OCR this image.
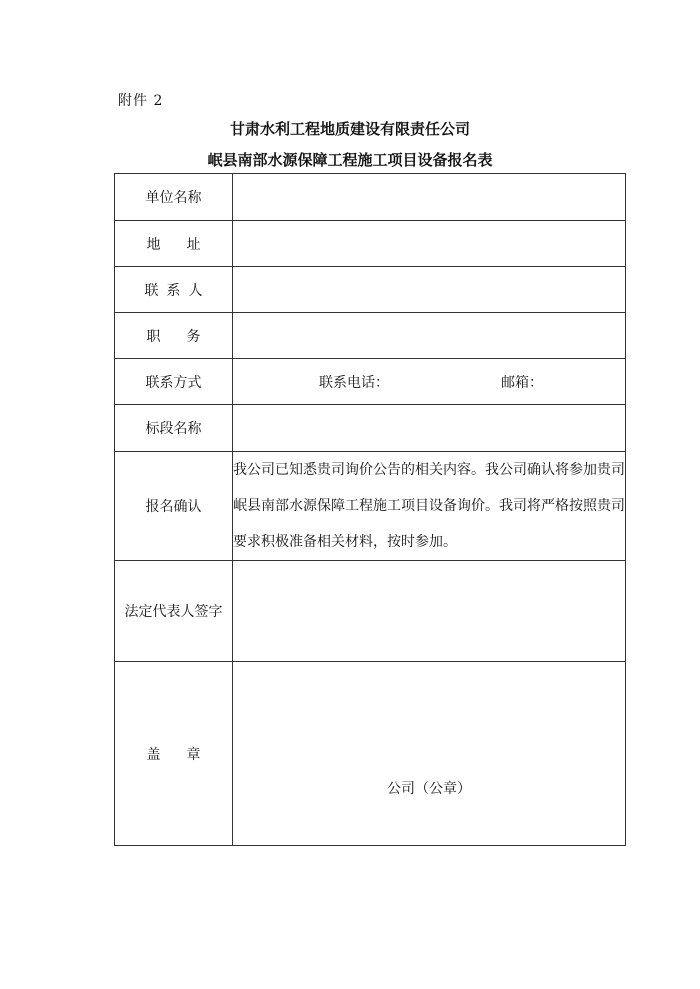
附件 2
甘肃水利工程地质建设有限责任公司
岷县南部水源保障工程施工项目设备报名表
单位名称	
地址	
联系人	
职务	
联系方式	联系电话： 邮箱：

标段名称	
报名确认	我公司已知悉贵司询价公告的相关内容。我公司确认将参加贵司岷县南部水源保障工程施工项目设备询价。我司将严格按照贵司要求积极准备相关材料，按时参加。
法定代表人签字	
盖章	公司（公章）
